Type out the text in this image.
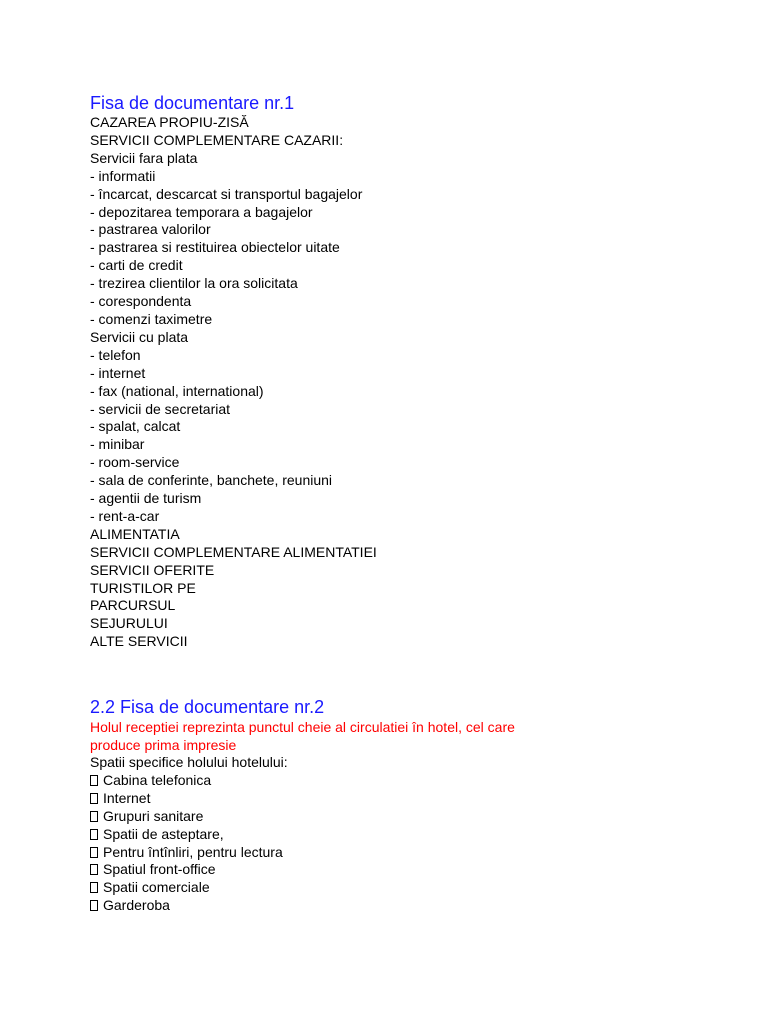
Fisa de documentare nr.1

CAZAREA PROPIU-ZISĂ

SERVICII COMPLEMENTARE CAZARII:

Servicii fara plata

- informatii

- încarcat, descarcat si transportul bagajelor

- depozitarea temporara a bagajelor

- pastrarea valorilor

- pastrarea si restituirea obiectelor uitate

- carti de credit

- trezirea clientilor la ora solicitata

- corespondenta

- comenzi taximetre

Servicii cu plata

- telefon

- internet

- fax (national, international)

- servicii de secretariat

- spalat, calcat

- minibar

- room-service

- sala de conferinte, banchete, reuniuni

- agentii de turism

- rent-a-car

ALIMENTATIA

SERVICII COMPLEMENTARE ALIMENTATIEI

SERVICII OFERITE

TURISTILOR PE

PARCURSUL

SEJURULUI

ALTE SERVICII

2.2 Fisa de documentare nr.2

Holul receptiei reprezinta punctul cheie al circulatiei în hotel, cel care produce prima impresie

Spatii specifice holului hotelului:

Cabina telefonica

Internet

Grupuri sanitare

Spatii de asteptare,

Pentru întînliri, pentru lectura

Spatiul front-office

Spatii comerciale

Garderoba
